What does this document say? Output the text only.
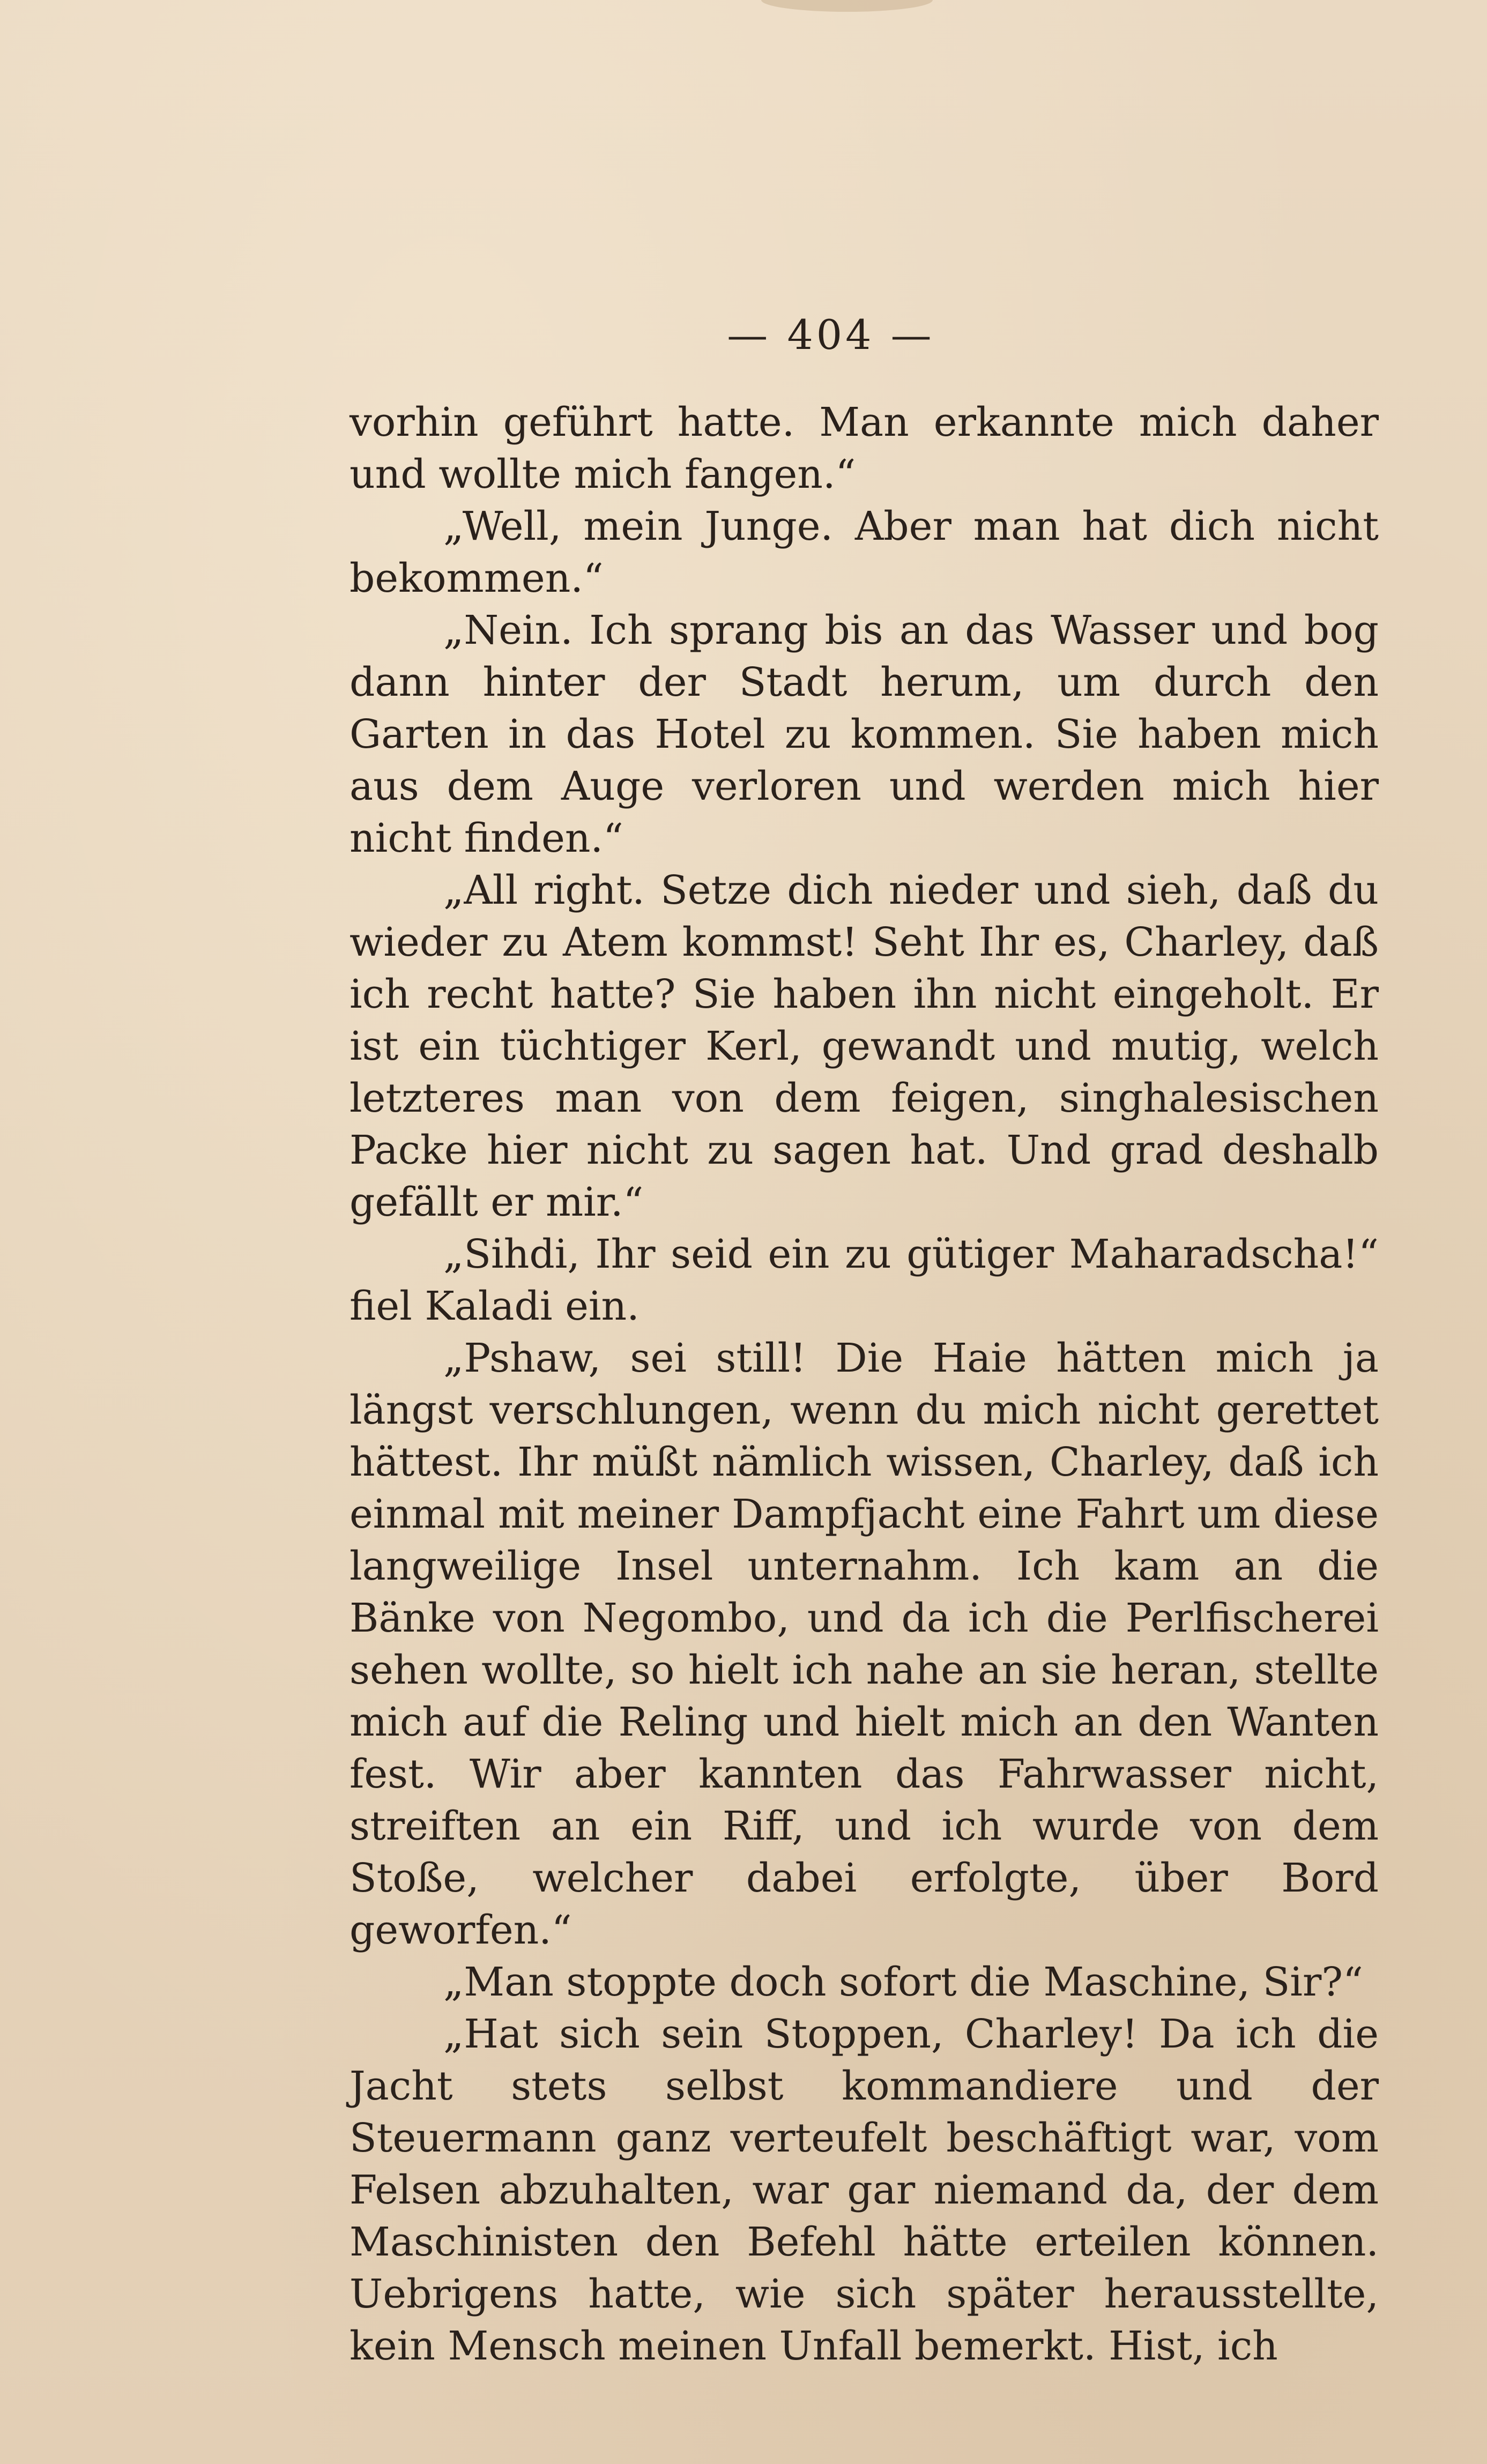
— 404 —

vorhin geführt hatte. Man erkannte mich daher und wollte mich fangen.“

„Well, mein Junge. Aber man hat dich nicht bekommen.“

„Nein. Ich sprang bis an das Wasser und bog dann hinter der Stadt herum, um durch den Garten in das Hotel zu kommen. Sie haben mich aus dem Auge verloren und werden mich hier nicht finden.“

„All right. Setze dich nieder und sieh, daß du wieder zu Atem kommst! Seht Ihr es, Charley, daß ich recht hatte? Sie haben ihn nicht eingeholt. Er ist ein tüchtiger Kerl, gewandt und mutig, welch letzteres man von dem feigen, singhalesischen Packe hier nicht zu sagen hat. Und grad deshalb gefällt er mir.“

„Sihdi, Ihr seid ein zu gütiger Maharadscha!“ fiel Kaladi ein.

„Pshaw, sei still! Die Haie hätten mich ja längst verschlungen, wenn du mich nicht gerettet hättest. Ihr müßt nämlich wissen, Charley, daß ich einmal mit meiner Dampfjacht eine Fahrt um diese langweilige Insel unternahm. Ich kam an die Bänke von Negombo, und da ich die Perlfischerei sehen wollte, so hielt ich nahe an sie heran, stellte mich auf die Reling und hielt mich an den Wanten fest. Wir aber kannten das Fahrwasser nicht, streiften an ein Riff, und ich wurde von dem Stoße, welcher dabei erfolgte, über Bord geworfen.“

„Man stoppte doch sofort die Maschine, Sir?“

„Hat sich sein Stoppen, Charley! Da ich die Jacht stets selbst kommandiere und der Steuermann ganz verteufelt beschäftigt war, vom Felsen abzuhalten, war gar niemand da, der dem Maschinisten den Befehl hätte erteilen können. Uebrigens hatte, wie sich später herausstellte, kein Mensch meinen Unfall bemerkt. Hist, ich
